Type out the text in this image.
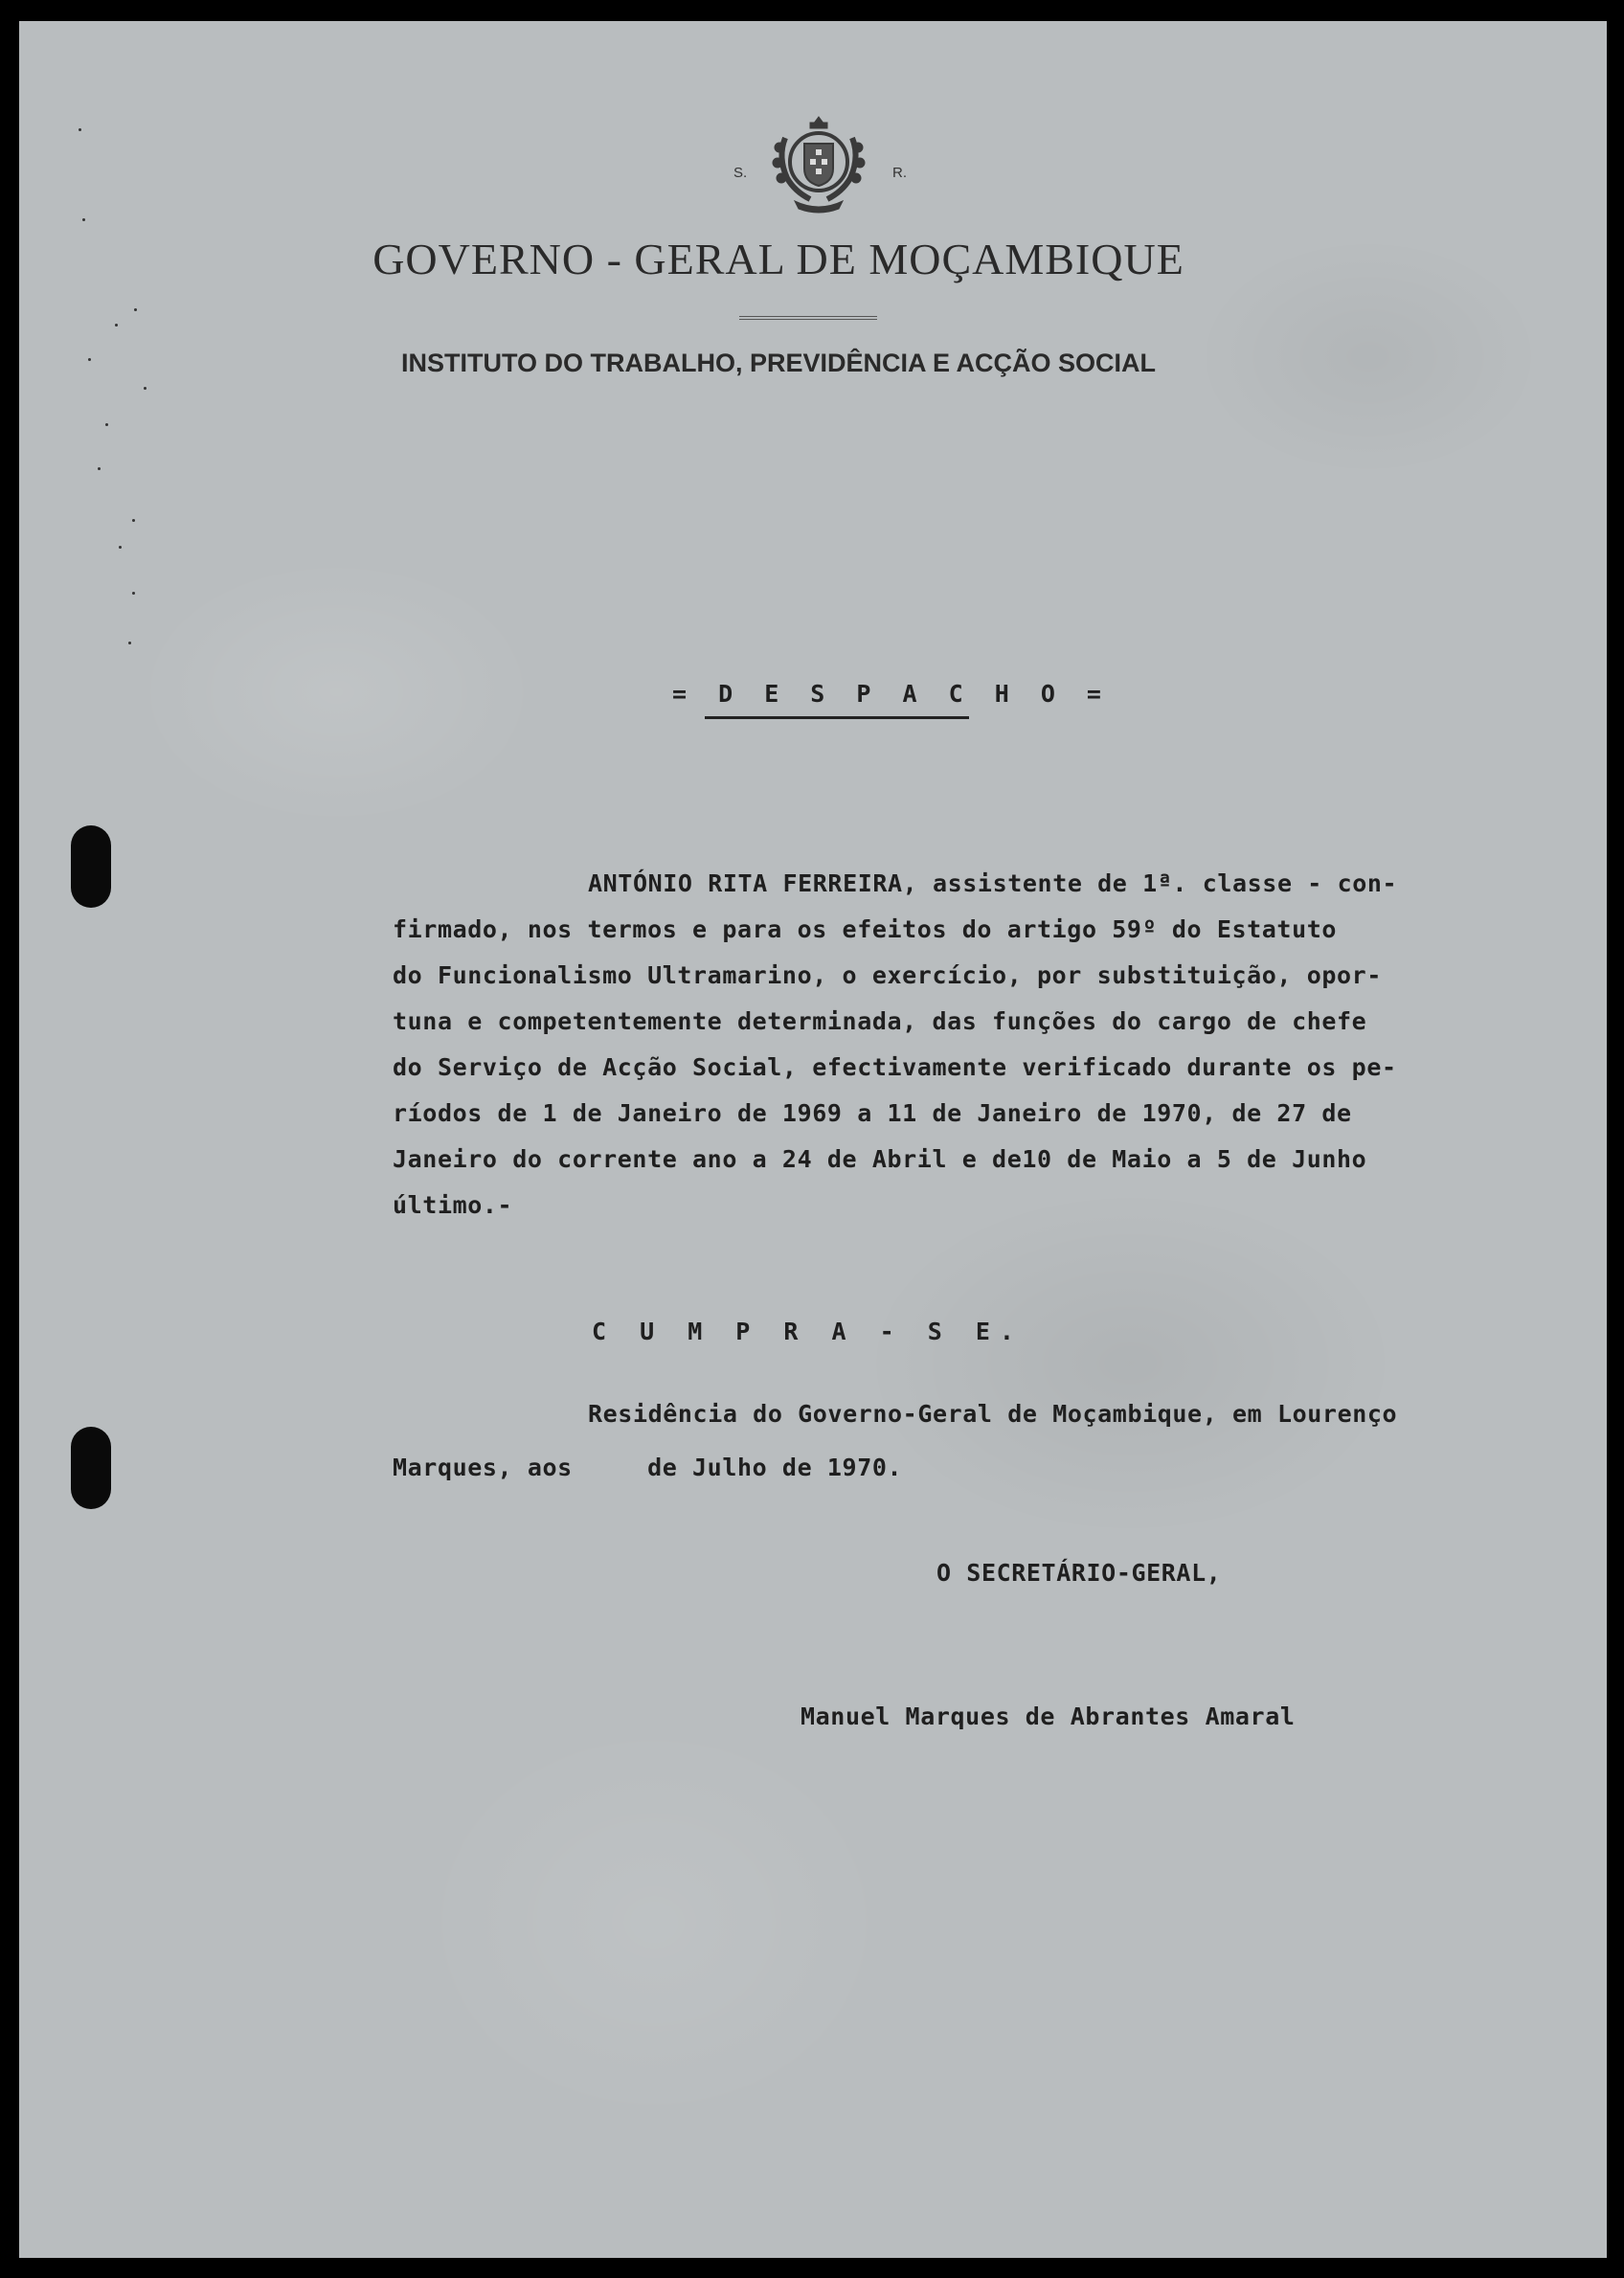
S.	R.
GOVERNO - GERAL DE MOÇAMBIQUE
INSTITUTO DO TRABALHO, PREVIDÊNCIA E ACÇÃO SOCIAL
= D E S P A C H O =
ANTÓNIO RITA FERREIRA, assistente de 1ª. classe - con-
firmado, nos termos e para os efeitos do artigo 59º do Estatuto
do Funcionalismo Ultramarino, o exercício, por substituição, opor-
tuna e competentemente determinada, das funções do cargo de chefe
do Serviço de Acção Social, efectivamente verificado durante os pe-
ríodos de 1 de Janeiro de 1969 a 11 de Janeiro de 1970, de 27 de
Janeiro do corrente ano a 24 de Abril e de10 de Maio a 5 de Junho
último.-
C U M P R A - S E.
Residência do Governo-Geral de Moçambique, em Lourenço
Marques, aos     de Julho de 1970.
O SECRETÁRIO-GERAL,
Manuel Marques de Abrantes Amaral
